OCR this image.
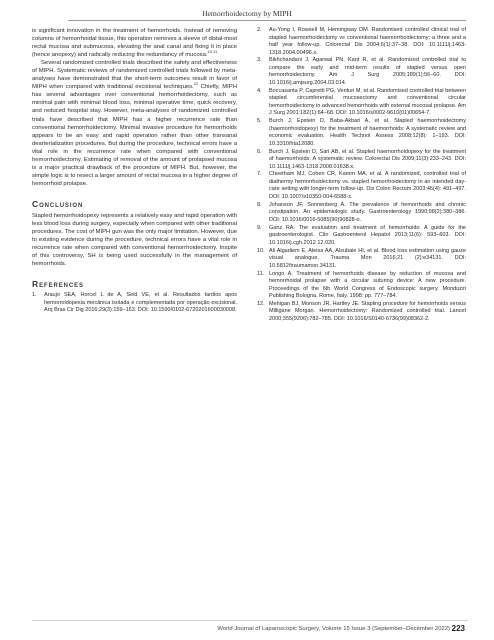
Hemorrhoidectomy by MIPH

is significant innovation in the treatment of hemorrhoids. Instead of removing columns of hemorrhoidal tissue, this operation removes a sleeve of distal-most rectal mucosa and submucosa, elevating the anal canal and fixing it in place (hence anopexy) and radically reducing the redundancy of mucosa.$^{10,11}$

Several randomized controlled trials described the safety and effectiveness of MIPH. Systematic reviews of randomized controlled trials followed by meta-analyses have demonstrated that the short-term outcomes result in favor of MIPH when compared with traditional excisional techniques.$^{12}$ Chiefly, MIPH has several advantages over conventional hemorrhoidectomy, such as minimal pain with minimal blood loss, minimal operative time, quick recovery, and reduced hospital stay. However, meta-analyses of randomized controlled trials have described that MIPH has a higher recurrence rate than conventional hemorrhoidectomy. Minimal invasive procedure for hemorrhoids appears to be an easy and rapid operation rather than other transanal dearterialization procedures. But during the procedure, technical errors have a vital role in the recurrence rate when compared with conventional hemorrhoidectomy. Estimating of removal of the amount of prolapsed mucosa is a major practical drawback of the procedure of MIPH. But, however, the simple logic is to resect a larger amount of rectal mucosa in a higher degree of hemorrhoid prolapse.

Conclusion

Stapled hemorrhoidopexy represents a relatively easy and rapid operation with less blood loss during surgery, especially when compared with other traditional procedures. The cost of MIPH gun was the only major limitation. However, due to existing evidence during the procedure, technical errors have a vital role in recurrence rate when compared with conventional hemorrhoidectomy. Inspite of this controversy, SH is being used successfully in the management of hemorrhoids.

References
1. Araujo SEA, Horcel L de A, Seid VE, et al. Resultados tardios apos hemorroidopexia mecânica isolada e complementada por operação excisional. Arq Bras Cir Dig 2016;29(3):159–163. DOI: 10.1590/0102-6720201600030008.
2. Au-Yong I, Rowsell M, Hemingway DM. Randomised controlled clinical trial of stapled haemorrhoidectomy vs conventional haemorrhoidectomy; a three and a half year follow-up. Colorectal Dis 2004;6(1):37–38. DOI: 10.1111/j.1463-1318.2004.00496.x.
3. Bikhchandani J, Agarwal PN, Kant R, et al. Randomized controlled trial to compare the early and mid-term results of stapled versus open hemorrhoidectomy. Am J Surg 2005;189(1):56–60. DOI: 10.1016/j.amjsurg.2004.03.014.
4. Boccasanta P, Capretti PG, Venturi M, et al. Randomised controlled trial between stapled circumferential mucosectomy and conventional circular hemorrhoidectomy in advanced hemorrhoids with external mucosal prolapse. Am J Surg 2001;182(1):64–68. DOI: 10.1016/s0002-9610(01)00654-7.
5. Burch J, Epstein D, Baba-Akbari A, et al. Stapled haemorrhoidectomy (haemorrhoidopexy) for the treatment of haemorrhoids: A systematic review and economic evaluation. Health Technol Assess 2008;12(8): 1–193. DOI: 10.3310/hta12080.
6. Burch J, Epstein D, Sari AB, et al. Stapled haemorrhoidopexy for the treatment of haemorrhoids: A systematic review. Colorectal Dis 2009;11(3):233–243. DOI: 10.1111/j.1463-1318.2008.01638.x.
7. Cheetham MJ, Cohen CR, Kamm MA, et al. A randomized, controlled trial of diathermy hemorrhoidectomy vs. stapled hemorrhoidectomy in an intended day-care setting with longer-term follow-up. Dis Colon Rectum 2003;46(4): 491–497. DOI: 10.1007/s10350-004-6588-z.
8. Johanson JF, Sonnenberg A. The prevalence of hemorrhoids and chronic constipation. An epidemiologic study. Gastroenterology 1990;98(2):380–386. DOI: 10.1016/0016-5085(90)90828-o.
9. Ganz RA. The evaluation and treatment of hemorrhoids: A guide for the gastroenterologist. Clin Gastroenterol Hepatol 2013;11(6): 593–603. DOI: 10.1016/j.cgh.2012.12.020.
10. Ali Algadiem E, Aleisa AA, Alsubaie HI, et al. Blood loss estimation using gauze visual analogue. Trauma Mon 2016;21 (2):e34131. DOI: 10.5812/traumamon.34131.
11. Longo A. Treatment of hemorrhoids disease by reduction of mucosa and hemorrhoidal prolapse with a circular suturing device: A new procedure. Proceedings of the 6th World Congress of Endoscopic surgery. Monduzzi Publishing Bologna, Rome, Italy. 1998: pp. 777–784.
12. Mehigan BJ, Monson JR, Hartley JE. Stapling procedure for hemorrhoids versus Milligane Morgan. Hemorrhoidectomy: Randomized controlled trial. Lancet 2000;355(9206):782–785. DOI: 10.1016/S0140-6736(99)08362-2.
World Journal of Laparoscopic Surgery, Volume 15 Issue 3 (September–December 2022) 223
